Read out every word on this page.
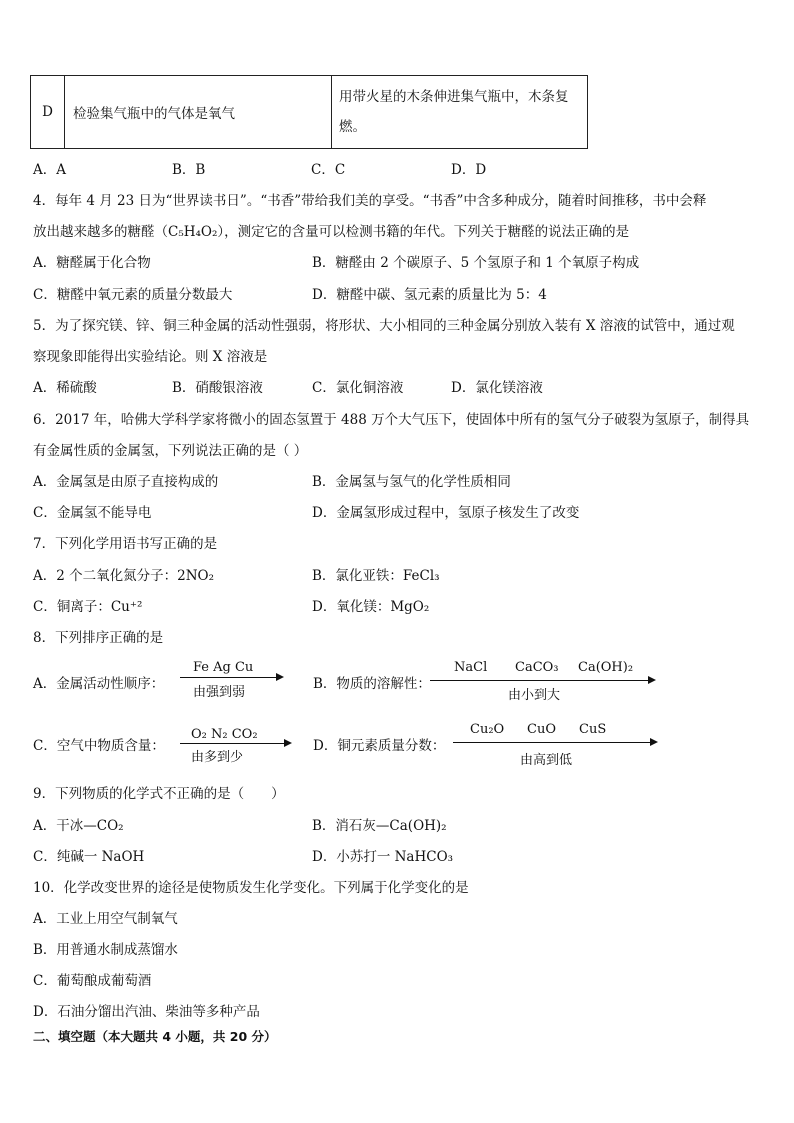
D	检验集气瓶中的气体是氧气	用带火星的木条伸进集气瓶中，木条复燃。
A．A	B．B	C．C	D．D
4．每年 4 月 23 日为“世界读书日”。“书香”带给我们美的享受。“书香”中含多种成分，随着时间推移，书中会释
放出越来越多的糖醛（C₅H₄O₂），测定它的含量可以检测书籍的年代。下列关于糖醛的说法正确的是
A．糖醛属于化合物	B．糖醛由 2 个碳原子、5 个氢原子和 1 个氧原子构成
C．糖醛中氧元素的质量分数最大	D．糖醛中碳、氢元素的质量比为 5：4
5．为了探究镁、锌、铜三种金属的活动性强弱，将形状、大小相同的三种金属分别放入装有 X 溶液的试管中，通过观
察现象即能得出实验结论。则 X 溶液是
A．稀硫酸	B．硝酸银溶液	C．氯化铜溶液	D．氯化镁溶液
6．2017 年，哈佛大学科学家将微小的固态氢置于 488 万个大气压下，使固体中所有的氢气分子破裂为氢原子，制得具
有金属性质的金属氢，下列说法正确的是（ ）
A．金属氢是由原子直接构成的	B．金属氢与氢气的化学性质相同
C．金属氢不能导电	D．金属氢形成过程中，氢原子核发生了改变
7．下列化学用语书写正确的是
A．2 个二氧化氮分子：2NO₂	B．氯化亚铁：FeCl₃
C．铜离子：Cu⁺²	D．氧化镁：MgO₂
8．下列排序正确的是
A．金属活动性顺序：
Fe Ag Cu
由强到弱
B．物质的溶解性：
NaCl CaCO₃ Ca(OH)₂
由小到大
C．空气中物质含量：
O₂ N₂ CO₂
由多到少
D．铜元素质量分数：
Cu₂O CuO CuS
由高到低
9．下列物质的化学式不正确的是（　　）
A．干冰—CO₂	B．消石灰—Ca(OH)₂
C．纯碱一 NaOH	D．小苏打一 NaHCO₃
10．化学改变世界的途径是使物质发生化学变化。下列属于化学变化的是
A．工业上用空气制氧气
B．用普通水制成蒸馏水
C．葡萄酿成葡萄酒
D．石油分馏出汽油、柴油等多种产品
二、填空题（本大题共 4 小题，共 20 分）
